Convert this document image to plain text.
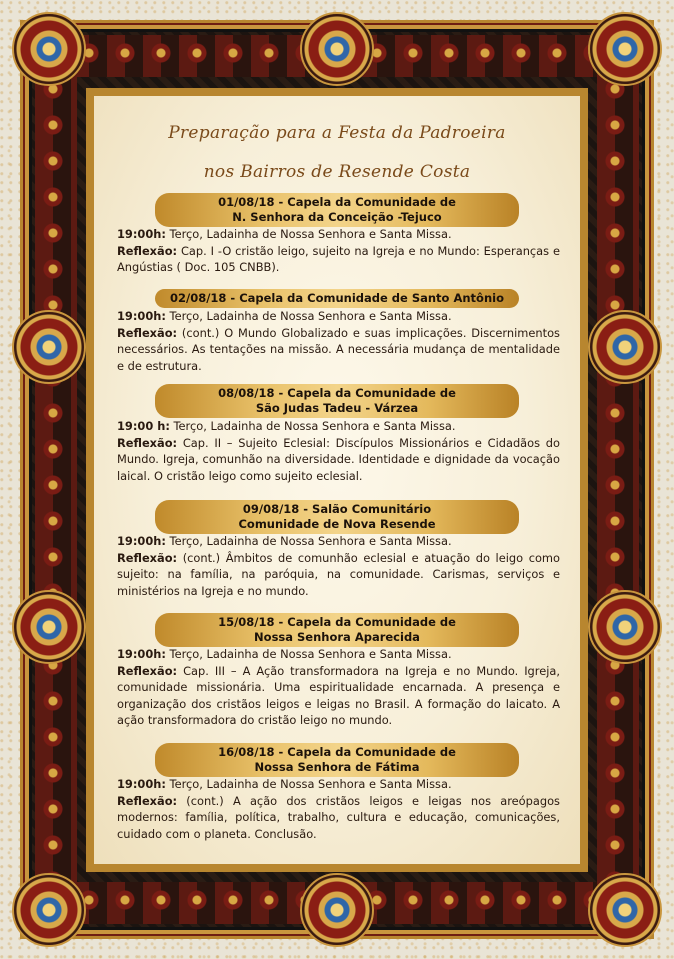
Preparação para a Festa da Padroeira
nos Bairros de Resende Costa
01/08/18 - Capela da Comunidade de
N. Senhora da Conceição -Tejuco

19:00h: Terço, Ladainha de Nossa Senhora e Santa Missa.

Reflexão: Cap. I -O cristão leigo, sujeito na Igreja e no Mundo: Esperanças e Angústias ( Doc. 105 CNBB).

02/08/18 - Capela da Comunidade de Santo Antônio

19:00h: Terço, Ladainha de Nossa Senhora e Santa Missa.

Reflexão: (cont.) O Mundo Globalizado e suas implicações. Discernimentos necessários. As tentações na missão. A necessária mudança de mentalidade e de estrutura.

08/08/18 - Capela da Comunidade de
São Judas Tadeu - Várzea

19:00 h: Terço, Ladainha de Nossa Senhora e Santa Missa.

Reflexão: Cap. II – Sujeito Eclesial: Discípulos Missionários e Cidadãos do Mundo. Igreja, comunhão na diversidade. Identidade e dignidade da vocação laical. O cristão leigo como sujeito eclesial.

09/08/18 - Salão Comunitário
Comunidade de Nova Resende

19:00h: Terço, Ladainha de Nossa Senhora e Santa Missa.

Reflexão: (cont.) Âmbitos de comunhão eclesial e atuação do leigo como sujeito: na família, na paróquia, na comunidade. Carismas, serviços e ministérios na Igreja e no mundo.

15/08/18 - Capela da Comunidade de
Nossa Senhora Aparecida

19:00h: Terço, Ladainha de Nossa Senhora e Santa Missa.

Reflexão: Cap. III – A Ação transformadora na Igreja e no Mundo. Igreja, comunidade missionária. Uma espiritualidade encarnada. A presença e organização dos cristãos leigos e leigas no Brasil. A formação do laicato. A ação transformadora do cristão leigo no mundo.

16/08/18 - Capela da Comunidade de
Nossa Senhora de Fátima

19:00h: Terço, Ladainha de Nossa Senhora e Santa Missa.

Reflexão: (cont.) A ação dos cristãos leigos e leigas nos areópagos modernos: família, política, trabalho, cultura e educação, comunicações, cuidado com o planeta. Conclusão.
